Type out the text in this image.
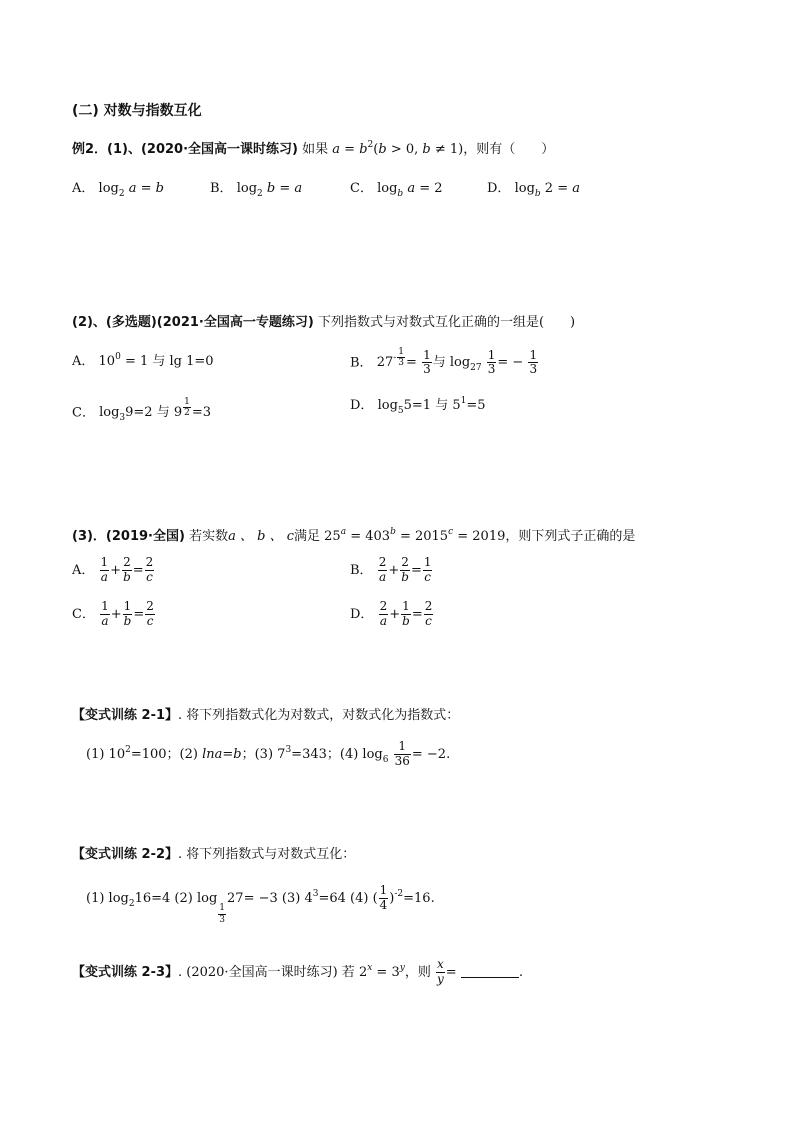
(二) 对数与指数互化
例2．(1)、(2020·全国高一课时练习) 如果 $a = b^2(b > 0$, b ≠ 1)，则有（　　）
A． $\log_2 a = b$	B． $\log_2 b = a$	C． $\log_b a = 2$	D． $\log_b 2 = a$
(2)、(多选题)(2021·全国高一专题练习) 下列指数式与对数式互化正确的一组是(　　)
A． $10^0 = 1$ 与 lg 1=0	B． $27^{- \frac{1}{3}} = \frac{1}{3}$ 与 $\log_{27} \frac{1}{3}$ = − $\frac{1}{3}$
C． $\log_39=2$ 与 9 $^{\frac{1}{2}}$ =3	D． $\log_55=1$ 与 $5^1=5$
(3)．(2019·全国) 若实数a 、 b 、 c满足 $25^a = 403^b = 2015^c = 2019$，则下列式子正确的是
A． $\frac{1}{a} + \frac{2}{b} = \frac{2}{c}$	B． $\frac{2}{a} + \frac{2}{b} = \frac{1}{c}$
C． $\frac{1}{a} + \frac{1}{b} = \frac{2}{c}$	D． $\frac{2}{a} + \frac{1}{b} = \frac{2}{c}$
【变式训练 2-1】. 将下列指数式化为对数式，对数式化为指数式：
(1) $10^2=100$；(2) lna=b；(3) $7^3=343$；(4) $\log_6 \frac{1}{36} = -2$.
【变式训练 2-2】. 将下列指数式与对数式互化：
(1) $\log_216=4$ (2) log
$\frac{1}{3}$
27= −3 (3) $4^3=64$ (4) ( $\frac{1}{4} )^{-2}=16$.
【变式训练 2-3】. (2020·全国高一课时练习) 若 $2^x = 3^y$，则 $\frac{x}{y}$ =	.
